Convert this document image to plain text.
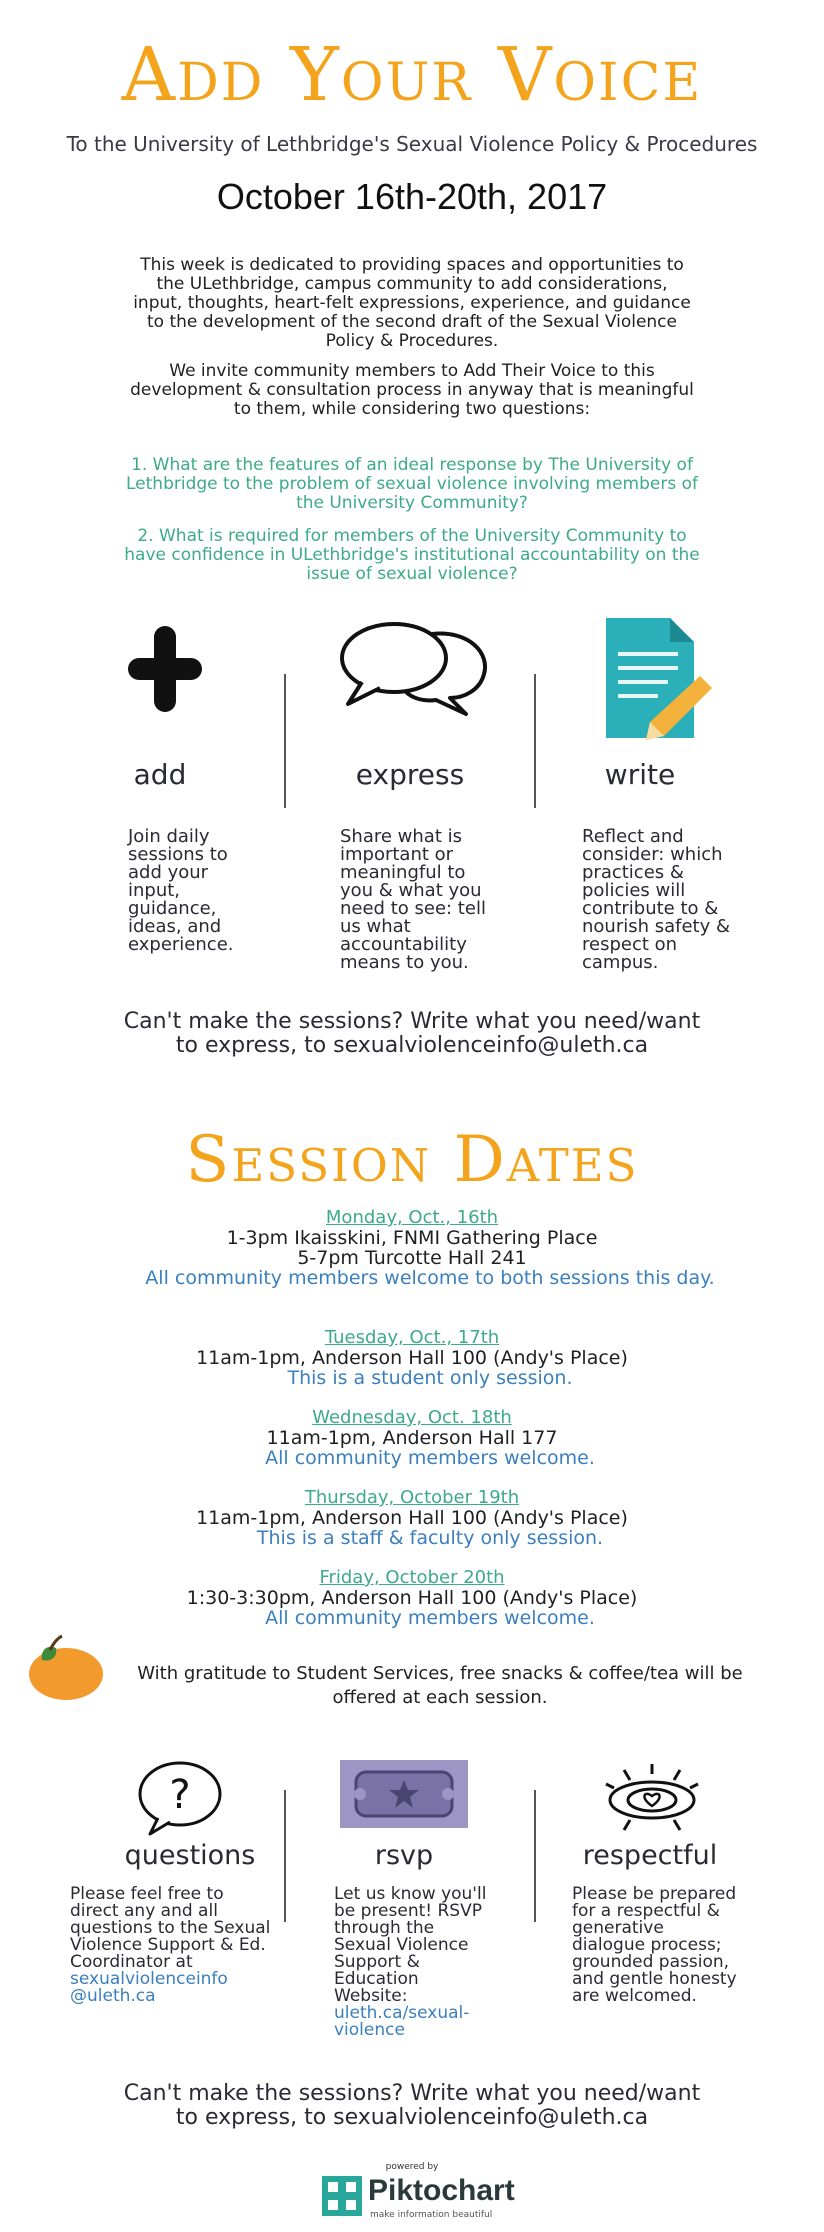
Add Your Voice
To the University of Lethbridge's Sexual Violence Policy & Procedures
October 16th-20th, 2017
This week is dedicated to providing spaces and opportunities to the ULethbridge, campus community to add considerations, input, thoughts, heart-felt expressions, experience, and guidance to the development of the second draft of the Sexual Violence Policy & Procedures.
We invite community members to Add Their Voice to this development & consultation process in anyway that is meaningful to them, while considering two questions:
1. What are the features of an ideal response by The University of Lethbridge to the problem of sexual violence involving members of the University Community?
2. What is required for members of the University Community to have confidence in ULethbridge's institutional accountability on the issue of sexual violence?
add	express	write
Join daily sessions to add your input, guidance, ideas, and experience.
Share what is important or meaningful to you & what you need to see: tell us what accountability means to you.
Reflect and consider: which practices & policies will contribute to & nourish safety & respect on campus.
Can't make the sessions? Write what you need/want to express, to sexualviolenceinfo@uleth.ca
Session Dates
Monday, Oct., 16th
1-3pm Ikaisskini, FNMI Gathering Place
5-7pm Turcotte Hall 241
All community members welcome to both sessions this day.
Tuesday, Oct., 17th
11am-1pm, Anderson Hall 100 (Andy's Place)
This is a student only session.
Wednesday, Oct. 18th
11am-1pm, Anderson Hall 177
All community members welcome.
Thursday, October 19th
11am-1pm, Anderson Hall 100 (Andy's Place)
This is a staff & faculty only session.
Friday, October 20th
1:30-3:30pm, Anderson Hall 100 (Andy's Place)
All community members welcome.
With gratitude to Student Services, free snacks & coffee/tea will be offered at each session.
?
questions	rsvp	respectful
Please feel free to direct any and all questions to the Sexual Violence Support & Ed. Coordinator at sexualviolenceinfo @uleth.ca
Let us know you'll be present! RSVP through the Sexual Violence Support & Education Website: uleth.ca/sexual-violence
Please be prepared for a respectful & generative dialogue process; grounded passion, and gentle honesty are welcomed.
Can't make the sessions? Write what you need/want to express, to sexualviolenceinfo@uleth.ca
powered by
Piktochart
make information beautiful
